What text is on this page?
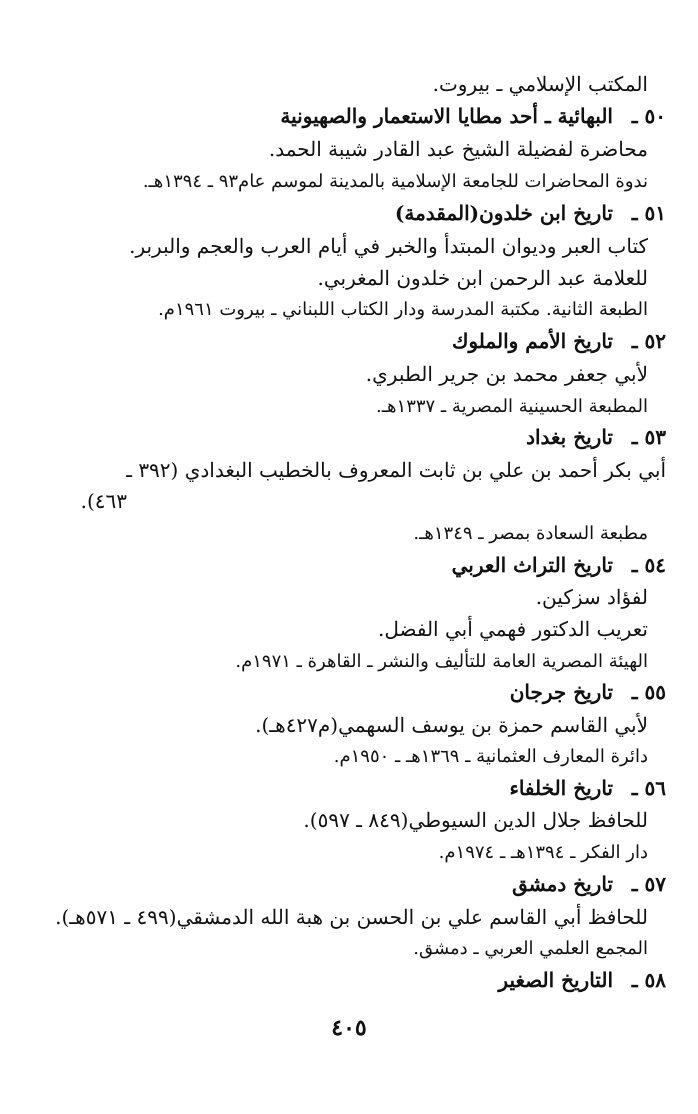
المكتب الإسلامي ـ بيروت.
٥٠ ـ
البهائية ـ أحد مطايا الاستعمار والصهيونية
محاضرة لفضيلة الشيخ عبد القادر شيبة الحمد.
ندوة المحاضرات للجامعة الإسلامية بالمدينة لموسم عام٩٣ ـ ١٣٩٤هـ.
٥١ ـ
تاريخ ابن خلدون(المقدمة)
كتاب العبر وديوان المبتدأ والخبر في أيام العرب والعجم والبربر.
للعلامة عبد الرحمن ابن خلدون المغربي.
الطبعة الثانية. مكتبة المدرسة ودار الكتاب اللبناني ـ بيروت ١٩٦١م.
٥٢ ـ
تاريخ الأمم والملوك
لأبي جعفر محمد بن جرير الطبري.
المطبعة الحسينية المصرية ـ ١٣٣٧هـ.
٥٣ ـ
تاريخ بغداد
أبي بكر أحمد بن علي بن ثابت المعروف بالخطيب البغدادي (٣٩٢ ـ
٤٦٣).
مطبعة السعادة بمصر ـ ١٣٤٩هـ.
٥٤ ـ
تاريخ التراث العربي
لفؤاد سزكين.
تعريب الدكتور فهمي أبي الفضل.
الهيئة المصرية العامة للتأليف والنشر ـ القاهرة ـ ١٩٧١م.
٥٥ ـ
تاريخ جرجان
لأبي القاسم حمزة بن يوسف السهمي(م٤٢٧هـ).
دائرة المعارف العثمانية ـ ١٣٦٩هـ ـ ١٩٥٠م.
٥٦ ـ
تاريخ الخلفاء
للحافظ جلال الدين السيوطي(٨٤٩ ـ ٥٩٧).
دار الفكر ـ ١٣٩٤هـ ـ ١٩٧٤م.
٥٧ ـ
تاريخ دمشق
للحافظ أبي القاسم علي بن الحسن بن هبة الله الدمشقي(٤٩٩ ـ ٥٧١هـ).
المجمع العلمي العربي ـ دمشق.
٥٨ ـ
التاريخ الصغير
٤٠٥
